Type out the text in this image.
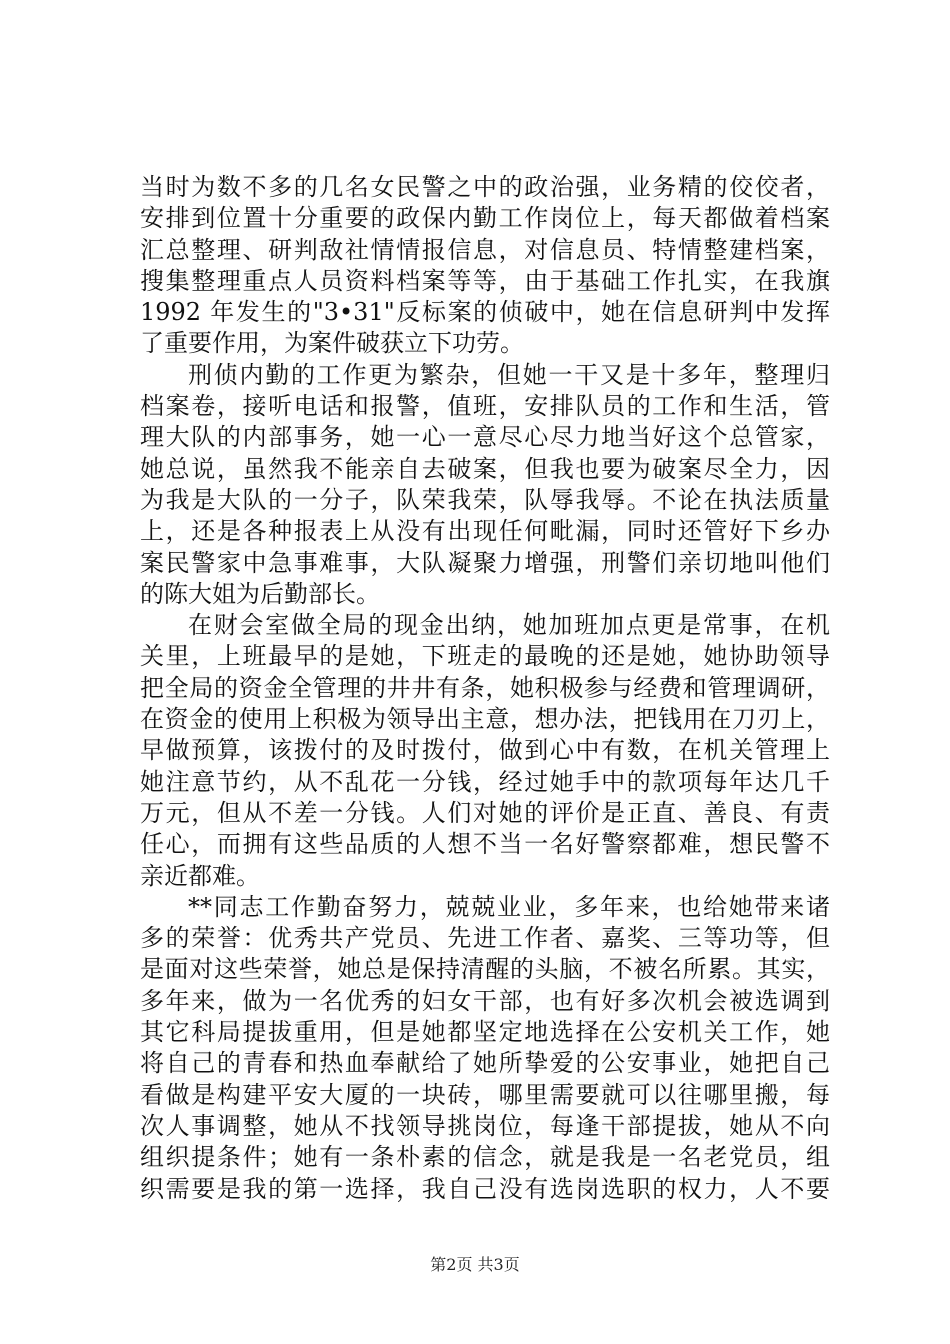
当时为数不多的几名女民警之中的政治强，业务精的佼佼者，
安排到位置十分重要的政保内勤工作岗位上，每天都做着档案
汇总整理、研判敌社情情报信息，对信息员、特情整建档案，
搜集整理重点人员资料档案等等，由于基础工作扎实，在我旗
1992 年发生的"3•31"反标案的侦破中，她在信息研判中发挥
了重要作用，为案件破获立下功劳。
刑侦内勤的工作更为繁杂，但她一干又是十多年，整理归
档案卷，接听电话和报警，值班，安排队员的工作和生活，管
理大队的内部事务，她一心一意尽心尽力地当好这个总管家，
她总说，虽然我不能亲自去破案，但我也要为破案尽全力，因
为我是大队的一分子，队荣我荣，队辱我辱。不论在执法质量
上，还是各种报表上从没有出现任何毗漏，同时还管好下乡办
案民警家中急事难事，大队凝聚力增强，刑警们亲切地叫他们
的陈大姐为后勤部长。
在财会室做全局的现金出纳，她加班加点更是常事，在机
关里，上班最早的是她，下班走的最晚的还是她，她协助领导
把全局的资金全管理的井井有条，她积极参与经费和管理调研，
在资金的使用上积极为领导出主意，想办法，把钱用在刀刃上，
早做预算，该拨付的及时拨付，做到心中有数，在机关管理上
她注意节约，从不乱花一分钱，经过她手中的款项每年达几千
万元，但从不差一分钱。人们对她的评价是正直、善良、有责
任心，而拥有这些品质的人想不当一名好警察都难，想民警不
亲近都难。
**同志工作勤奋努力，兢兢业业，多年来，也给她带来诸
多的荣誉：优秀共产党员、先进工作者、嘉奖、三等功等，但
是面对这些荣誉，她总是保持清醒的头脑，不被名所累。其实，
多年来，做为一名优秀的妇女干部，也有好多次机会被选调到
其它科局提拔重用，但是她都坚定地选择在公安机关工作，她
将自己的青春和热血奉献给了她所挚爱的公安事业，她把自己
看做是构建平安大厦的一块砖，哪里需要就可以往哪里搬，每
次人事调整，她从不找领导挑岗位，每逢干部提拔，她从不向
组织提条件；她有一条朴素的信念，就是我是一名老党员，组
织需要是我的第一选择，我自己没有选岗选职的权力，人不要
第2页 共3页
